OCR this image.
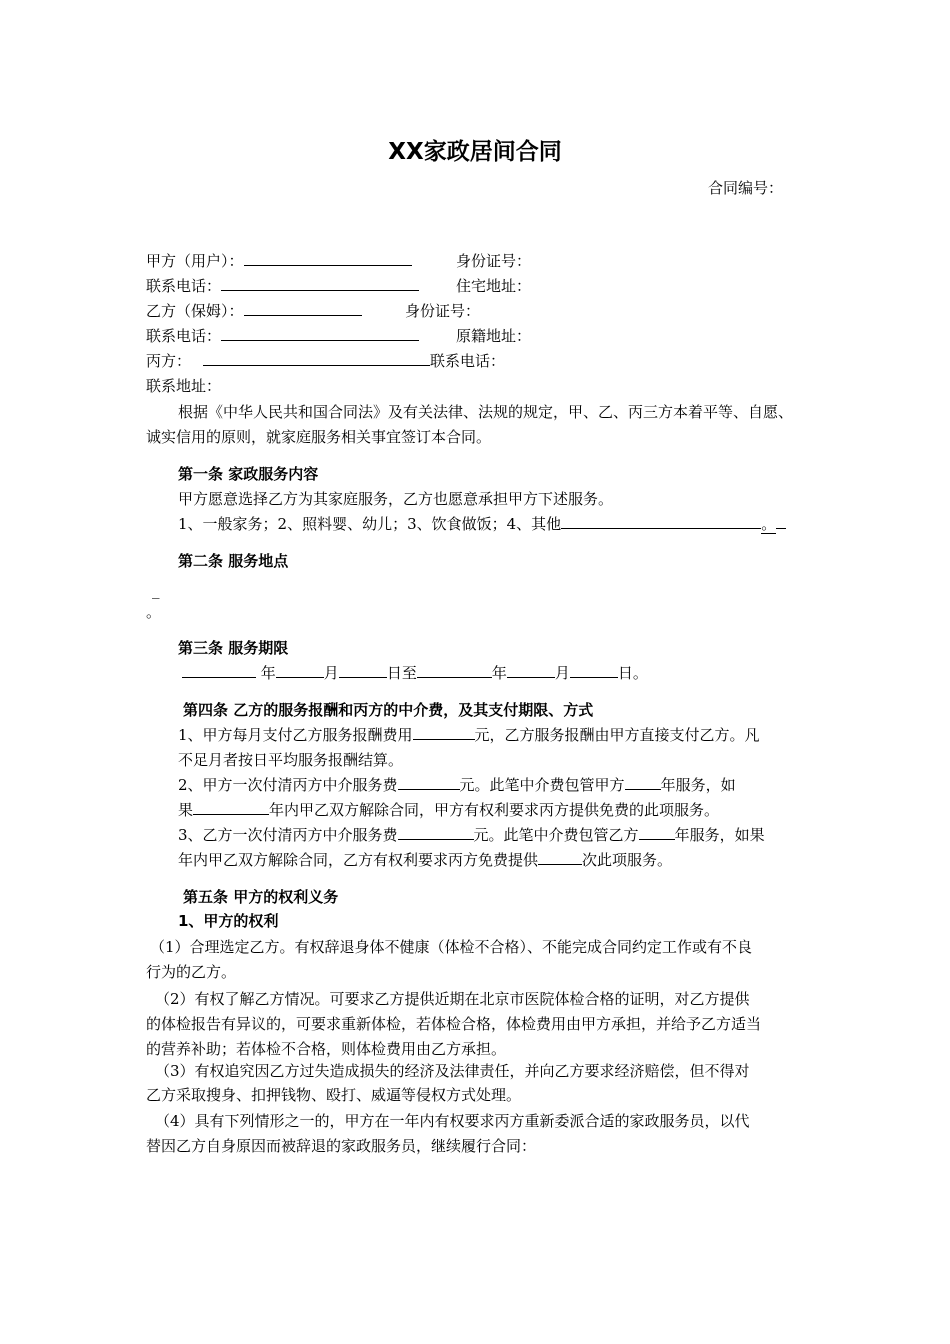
XX家政居间合同
合同编号：
甲方（用户）：	身份证号：
联系电话：	住宅地址：
乙方（保姆）：	身份证号：
联系电话：	原籍地址：
丙方：	联系电话：
联系地址：
根据《中华人民共和国合同法》及有关法律、法规的规定，甲、乙、丙三方本着平等、自愿、
诚实信用的原则，就家庭服务相关事宜签订本合同。
第一条 家政服务内容
甲方愿意选择乙方为其家庭服务，乙方也愿意承担甲方下述服务。
1、一般家务；2、照料婴、幼儿；3、饮食做饭；4、其他	。
第二条 服务地点
_
。
第三条 服务期限
年	月	日至	年	月	日。
第四条 乙方的服务报酬和丙方的中介费，及其支付期限、方式
1、甲方每月支付乙方服务报酬费用	元，乙方服务报酬由甲方直接支付乙方。凡
不足月者按日平均服务报酬结算。
2、甲方一次付清丙方中介服务费	元。此笔中介费包管甲方 年服务，如
果	年内甲乙双方解除合同，甲方有权利要求丙方提供免费的此项服务。
3、乙方一次付清丙方中介服务费	元。此笔中介费包管乙方 年服务，如果
年内甲乙双方解除合同，乙方有权利要求丙方免费提供	次此项服务。
第五条 甲方的权利义务
1、甲方的权利
（1）合理选定乙方。有权辞退身体不健康（体检不合格）、不能完成合同约定工作或有不良
行为的乙方。
（2）有权了解乙方情况。可要求乙方提供近期在北京市医院体检合格的证明，对乙方提供
的体检报告有异议的，可要求重新体检，若体检合格，体检费用由甲方承担，并给予乙方适当
的营养补助；若体检不合格，则体检费用由乙方承担。
（3）有权追究因乙方过失造成损失的经济及法律责任，并向乙方要求经济赔偿，但不得对
乙方采取搜身、扣押钱物、殴打、威逼等侵权方式处理。
（4）具有下列情形之一的，甲方在一年内有权要求丙方重新委派合适的家政服务员，以代
替因乙方自身原因而被辞退的家政服务员，继续履行合同：
